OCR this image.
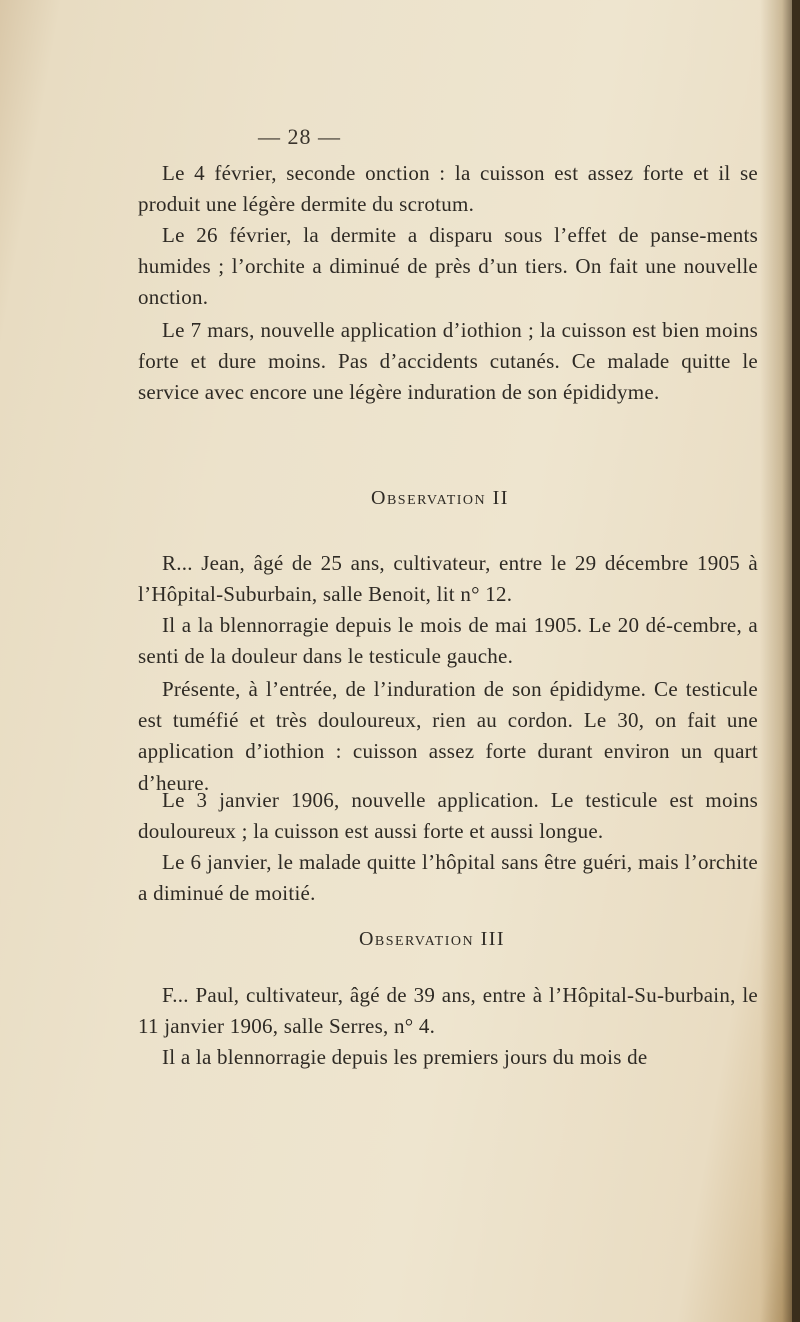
— 28 —

Le 4 février, seconde onction : la cuisson est assez forte et il se produit une légère dermite du scrotum.

Le 26 février, la dermite a disparu sous l’effet de panse-ments humides ; l’orchite a diminué de près d’un tiers. On fait une nouvelle onction.

Le 7 mars, nouvelle application d’iothion ; la cuisson est bien moins forte et dure moins. Pas d’accidents cutanés. Ce malade quitte le service avec encore une légère induration de son épididyme.

Observation II

R... Jean, âgé de 25 ans, cultivateur, entre le 29 décembre 1905 à l’Hôpital-Suburbain, salle Benoit, lit n° 12.

Il a la blennorragie depuis le mois de mai 1905. Le 20 dé-cembre, a senti de la douleur dans le testicule gauche.

Présente, à l’entrée, de l’induration de son épididyme. Ce testicule est tuméfié et très douloureux, rien au cordon. Le 30, on fait une application d’iothion : cuisson assez forte durant environ un quart d’heure.

Le 3 janvier 1906, nouvelle application. Le testicule est moins douloureux ; la cuisson est aussi forte et aussi longue.

Le 6 janvier, le malade quitte l’hôpital sans être guéri, mais l’orchite a diminué de moitié.

Observation III

F... Paul, cultivateur, âgé de 39 ans, entre à l’Hôpital-Su-burbain, le 11 janvier 1906, salle Serres, n° 4.

Il a la blennorragie depuis les premiers jours du mois de
